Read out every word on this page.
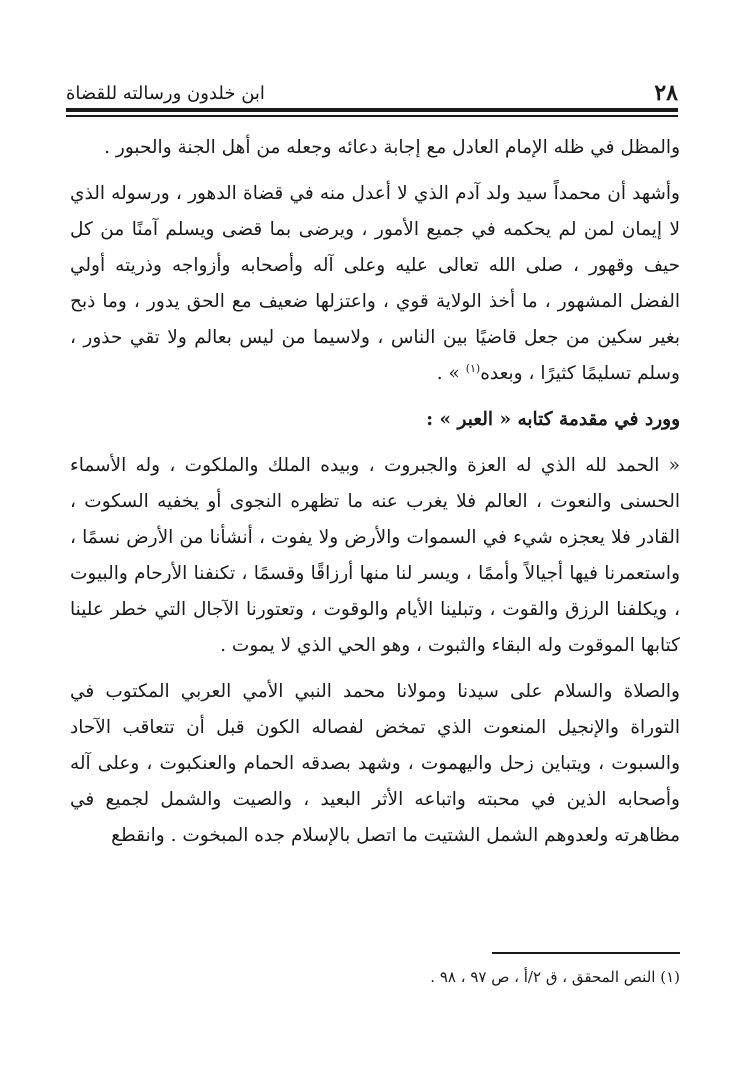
٢٨
ابن خلدون ورسالته للقضاة

والمظل في ظله الإمام العادل مع إجابة دعائه وجعله من أهل الجنة والحبور .

وأشهد أن محمداً سيد ولد آدم الذي لا أعدل منه في قضاة الدهور ، ورسوله الذي لا إيمان لمن لم يحكمه في جميع الأمور ، ويرضى بما قضى ويسلم آمنًا من كل حيف وقهور ، صلى الله تعالى عليه وعلى آله وأصحابه وأزواجه وذريته أولي الفضل المشهور ، ما أخذ الولاية قوي ، واعتزلها ضعيف مع الحق يدور ، وما ذبح بغير سكين من جعل قاضيًا بين الناس ، ولاسيما من ليس بعالم ولا تقي حذور ، وسلم تسليمًا كثيرًا ، وبعده$^{(١)}$ » .

وورد في مقدمة كتابه « العبر » :

« الحمد لله الذي له العزة والجبروت ، وبيده الملك والملكوت ، وله الأسماء الحسنى والنعوت ، العالم فلا يغرب عنه ما تظهره النجوى أو يخفيه السكوت ، القادر فلا يعجزه شيء في السموات والأرض ولا يفوت ، أنشأنا من الأرض نسمًا ، واستعمرنا فيها أجيالاً وأممًا ، ويسر لنا منها أرزاقًا وقسمًا ، تكنفنا الأرحام والبيوت ، ويكلفنا الرزق والقوت ، وتبلينا الأيام والوقوت ، وتعتورنا الآجال التي خطر علينا كتابها الموقوت وله البقاء والثبوت ، وهو الحي الذي لا يموت .

والصلاة والسلام على سيدنا ومولانا محمد النبي الأمي العربي المكتوب في التوراة والإنجيل المنعوت الذي تمخض لفصاله الكون قبل أن تتعاقب الآحاد والسبوت ، ويتباين زحل واليهموت ، وشهد بصدقه الحمام والعنكبوت ، وعلى آله وأصحابه الذين في محبته واتباعه الأثر البعيد ، والصيت والشمل لجميع في مظاهرته ولعدوهم الشمل الشتيت ما اتصل بالإسلام جده المبخوت . وانقطع

(١) النص المحقق ، ق ٢/أ ، ص ٩٧ ، ٩٨ .
